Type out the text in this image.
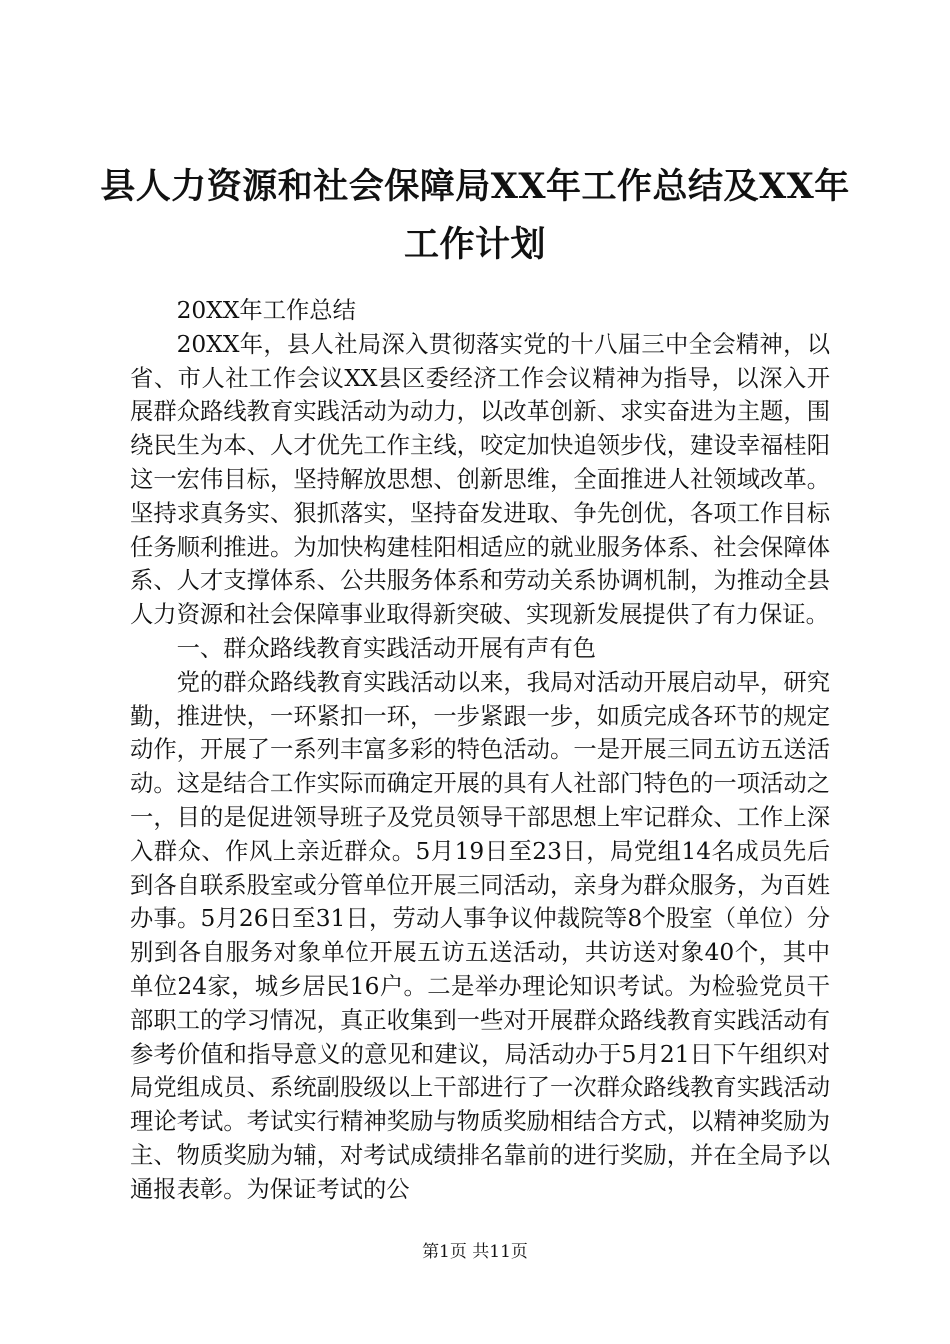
县人力资源和社会保障局XX年工作总结及XX年工作计划

20XX年工作总结

20XX年，县人社局深入贯彻落实党的十八届三中全会精神，以省、市人社工作会议XX县区委经济工作会议精神为指导，以深入开展群众路线教育实践活动为动力，以改革创新、求实奋进为主题，围绕民生为本、人才优先工作主线，咬定加快追领步伐，建设幸福桂阳这一宏伟目标，坚持解放思想、创新思维，全面推进人社领域改革。坚持求真务实、狠抓落实，坚持奋发进取、争先创优，各项工作目标任务顺利推进。为加快构建桂阳相适应的就业服务体系、社会保障体系、人才支撑体系、公共服务体系和劳动关系协调机制，为推动全县人力资源和社会保障事业取得新突破、实现新发展提供了有力保证。

一、群众路线教育实践活动开展有声有色

党的群众路线教育实践活动以来，我局对活动开展启动早，研究勤，推进快，一环紧扣一环，一步紧跟一步，如质完成各环节的规定动作，开展了一系列丰富多彩的特色活动。一是开展三同五访五送活动。这是结合工作实际而确定开展的具有人社部门特色的一项活动之一，目的是促进领导班子及党员领导干部思想上牢记群众、工作上深入群众、作风上亲近群众。5月19日至23日，局党组14名成员先后到各自联系股室或分管单位开展三同活动，亲身为群众服务，为百姓办事。5月26日至31日，劳动人事争议仲裁院等8个股室（单位）分别到各自服务对象单位开展五访五送活动，共访送对象40个，其中单位24家，城乡居民16户。二是举办理论知识考试。为检验党员干部职工的学习情况，真正收集到一些对开展群众路线教育实践活动有参考价值和指导意义的意见和建议，局活动办于5月21日下午组织对局党组成员、系统副股级以上干部进行了一次群众路线教育实践活动理论考试。考试实行精神奖励与物质奖励相结合方式，以精神奖励为主、物质奖励为辅，对考试成绩排名靠前的进行奖励，并在全局予以通报表彰。为保证考试的公

第1页 共11页
